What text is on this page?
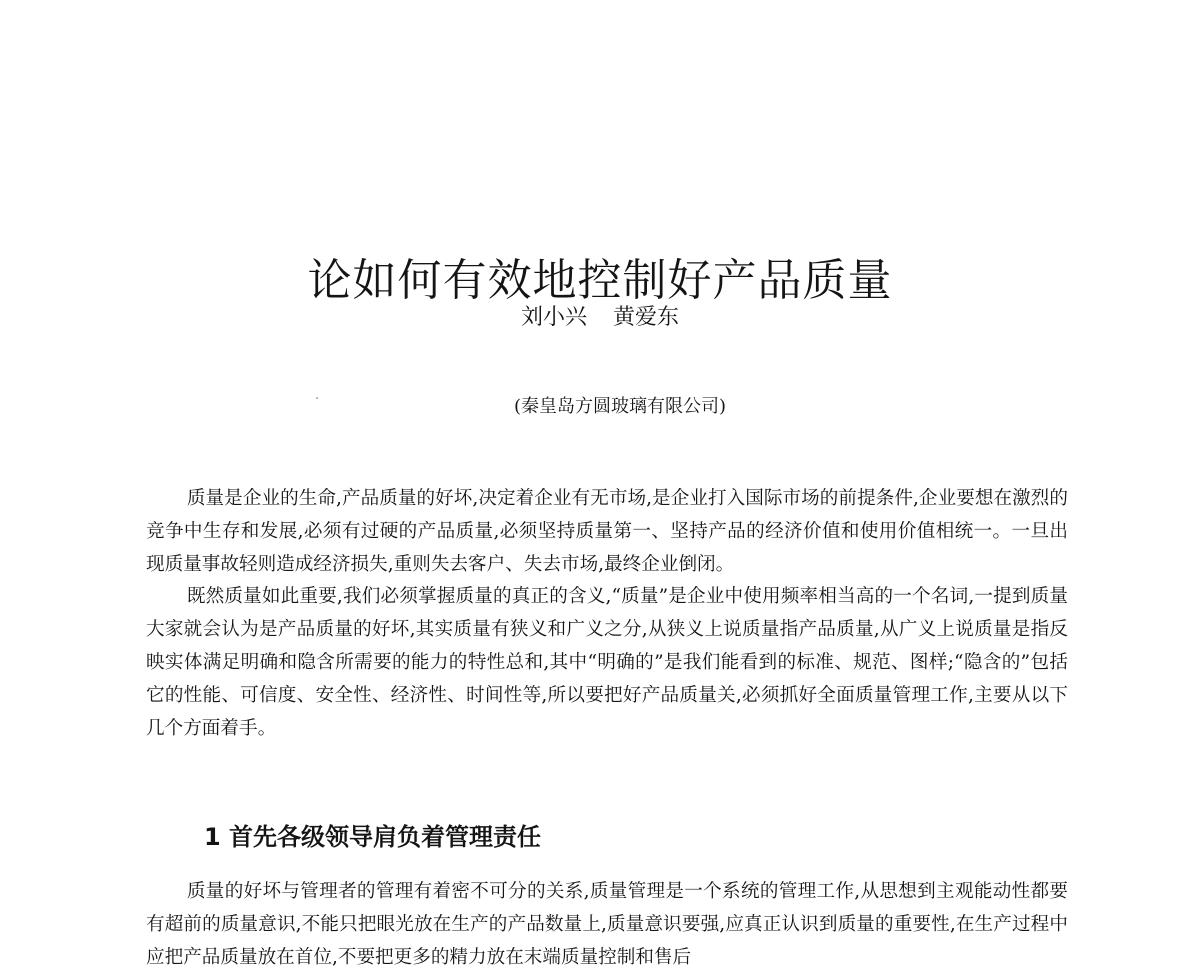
论如何有效地控制好产品质量
刘小兴 黄爱东
(秦皇岛方圆玻璃有限公司)

质量是企业的生命,产品质量的好坏,决定着企业有无市场,是企业打入国际市场的前提条件,企业要想在激烈的竞争中生存和发展,必须有过硬的产品质量,必须坚持质量第一、坚持产品的经济价值和使用价值相统一。一旦出现质量事故轻则造成经济损失,重则失去客户、失去市场,最终企业倒闭。

既然质量如此重要,我们必须掌握质量的真正的含义,“质量”是企业中使用频率相当高的一个名词,一提到质量大家就会认为是产品质量的好坏,其实质量有狭义和广义之分,从狭义上说质量指产品质量,从广义上说质量是指反映实体满足明确和隐含所需要的能力的特性总和,其中“明确的”是我们能看到的标准、规范、图样;“隐含的”包括它的性能、可信度、安全性、经济性、时间性等,所以要把好产品质量关,必须抓好全面质量管理工作,主要从以下几个方面着手。

1 首先各级领导肩负着管理责任

质量的好坏与管理者的管理有着密不可分的关系,质量管理是一个系统的管理工作,从思想到主观能动性都要有超前的质量意识,不能只把眼光放在生产的产品数量上,质量意识要强,应真正认识到质量的重要性,在生产过程中应把产品质量放在首位,不要把更多的精力放在末端质量控制和售后
